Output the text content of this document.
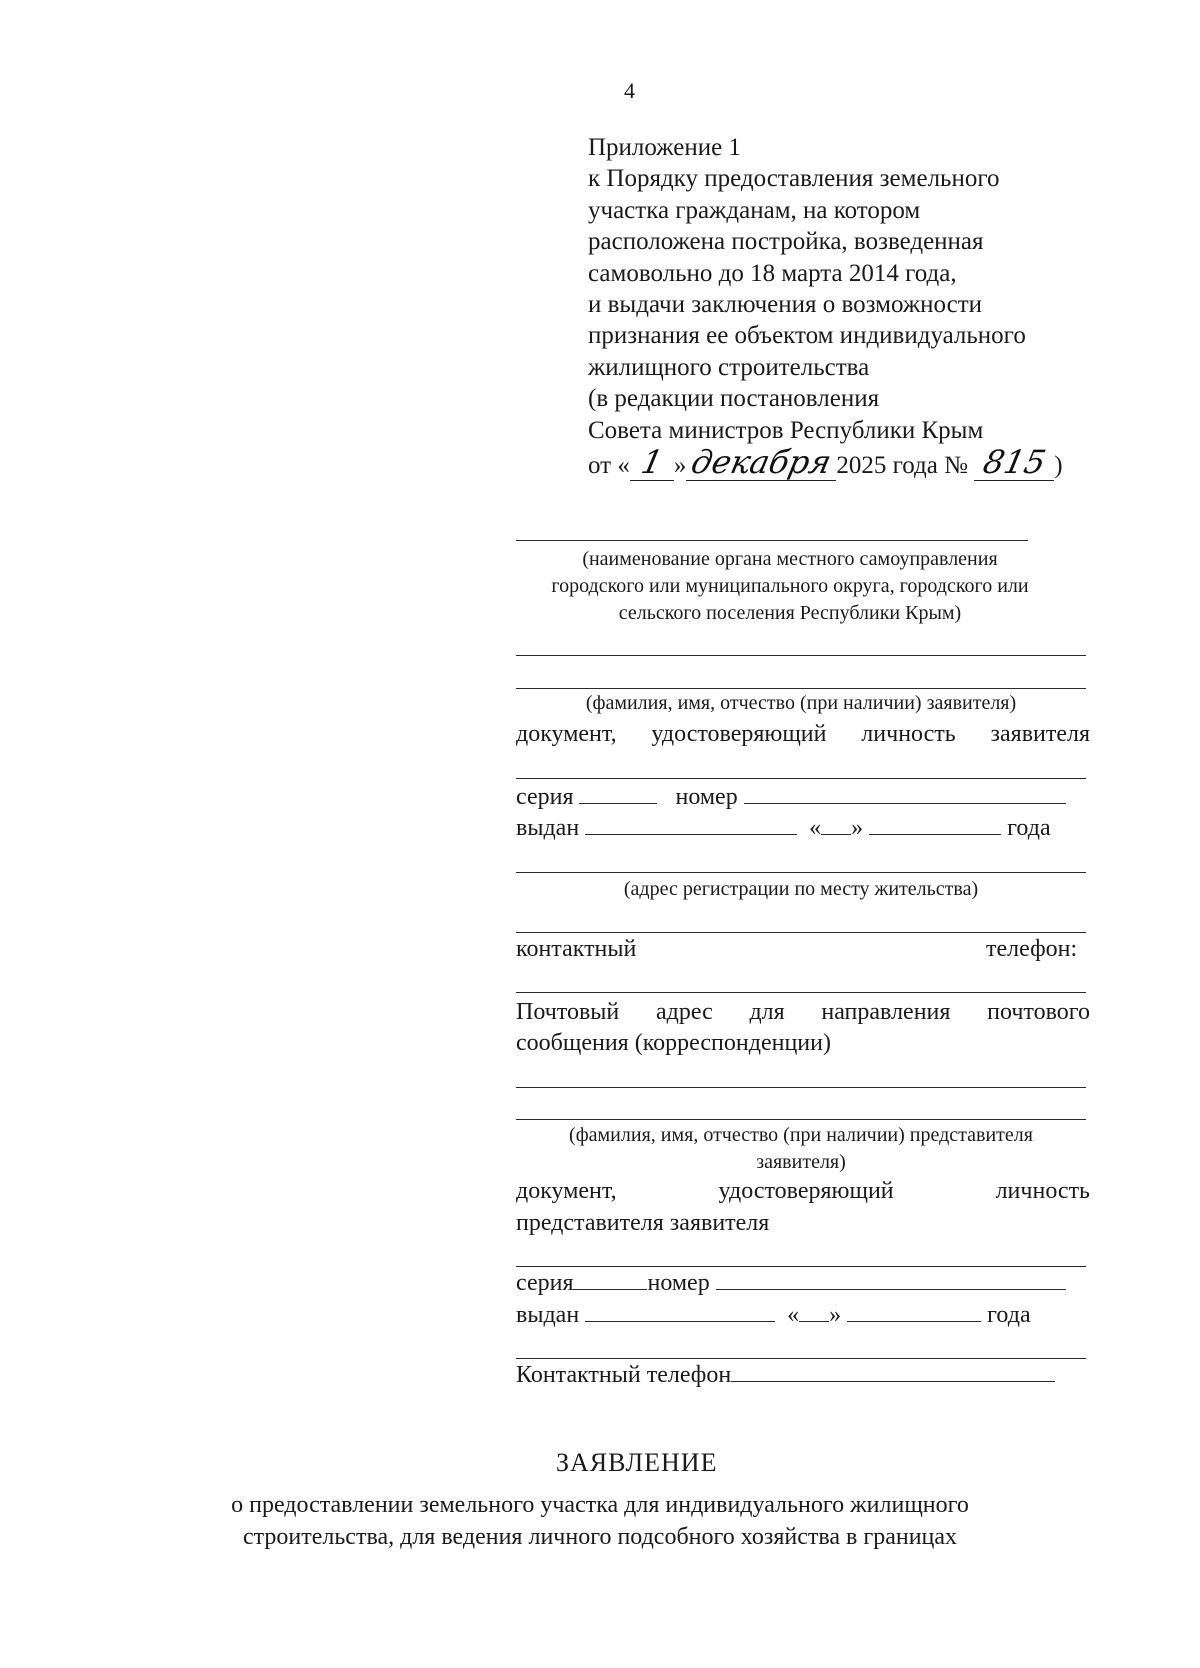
4
Приложение 1
к Порядку предоставления земельного
участка гражданам, на котором
расположена постройка, возведенная
самовольно до 18 марта 2014 года,
и выдачи заключения о возможности
признания ее объектом индивидуального
жилищного строительства
(в редакции постановления
Совета министров Республики Крым
от « 1 »декабря2025 года № 815 )
(наименование органа местного самоуправления
городского или муниципального округа, городского или
сельского поселения Республики Крым)
(фамилия, имя, отчество (при наличии) заявителя)
документ, удостоверяющий личность заявителя
серия	номер
выдан	« »	года
(адрес регистрации по месту жительства)
контактный	телефон:
Почтовый адрес для направления почтового
сообщения (корреспонденции)
(фамилия, имя, отчество (при наличии) представителя
заявителя)
документ,	удостоверяющий	личность
представителя заявителя
серия	номер
выдан	« »	года
Контактный телефон
ЗАЯВЛЕНИЕ
о предоставлении земельного участка для индивидуального жилищного
строительства, для ведения личного подсобного хозяйства в границах
